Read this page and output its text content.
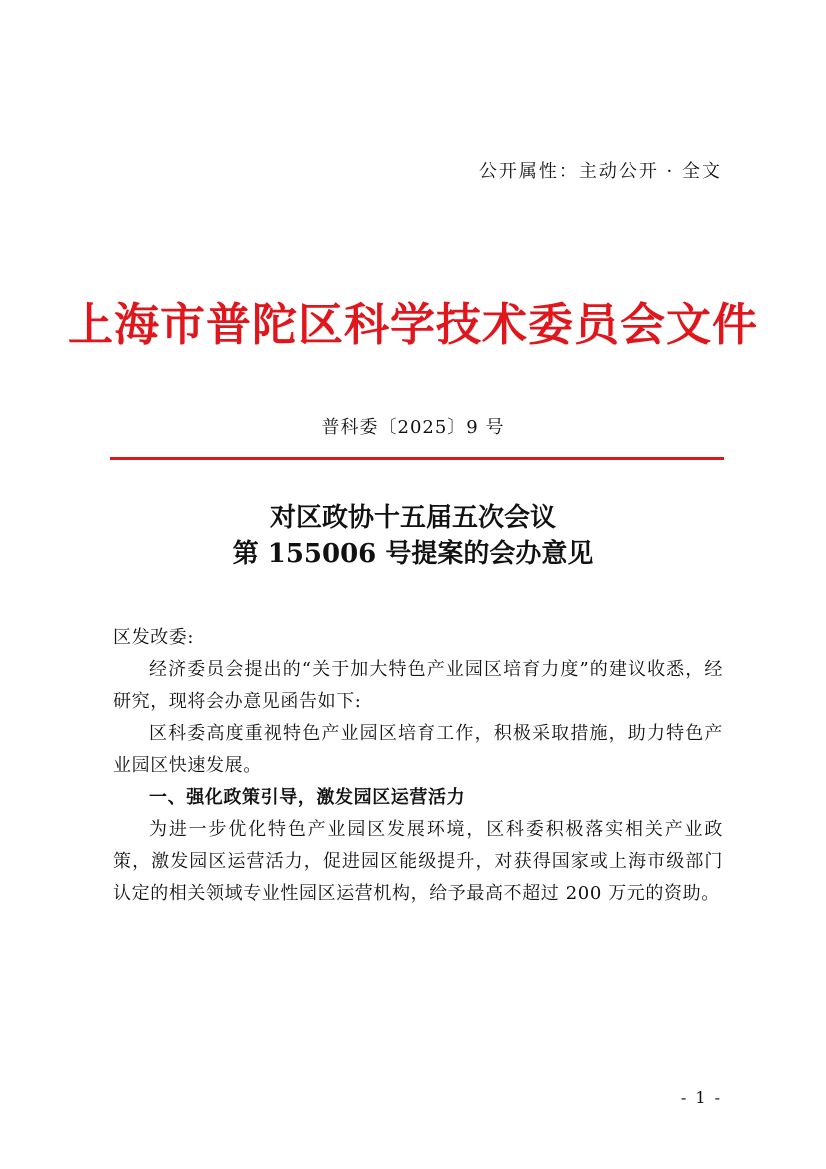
公开属性：主动公开 · 全文
上海市普陀区科学技术委员会文件
普科委〔2025〕9 号
对区政协十五届五次会议
第 155006 号提案的会办意见

区发改委:

经济委员会提出的“关于加大特色产业园区培育力度”的建议收悉，经研究，现将会办意见函告如下:

区科委高度重视特色产业园区培育工作，积极采取措施，助力特色产业园区快速发展。

一、强化政策引导，激发园区运营活力

为进一步优化特色产业园区发展环境，区科委积极落实相关产业政策，激发园区运营活力，促进园区能级提升，对获得国家或上海市级部门认定的相关领域专业性园区运营机构，给予最高不超过 200 万元的资助。

- 1 -
